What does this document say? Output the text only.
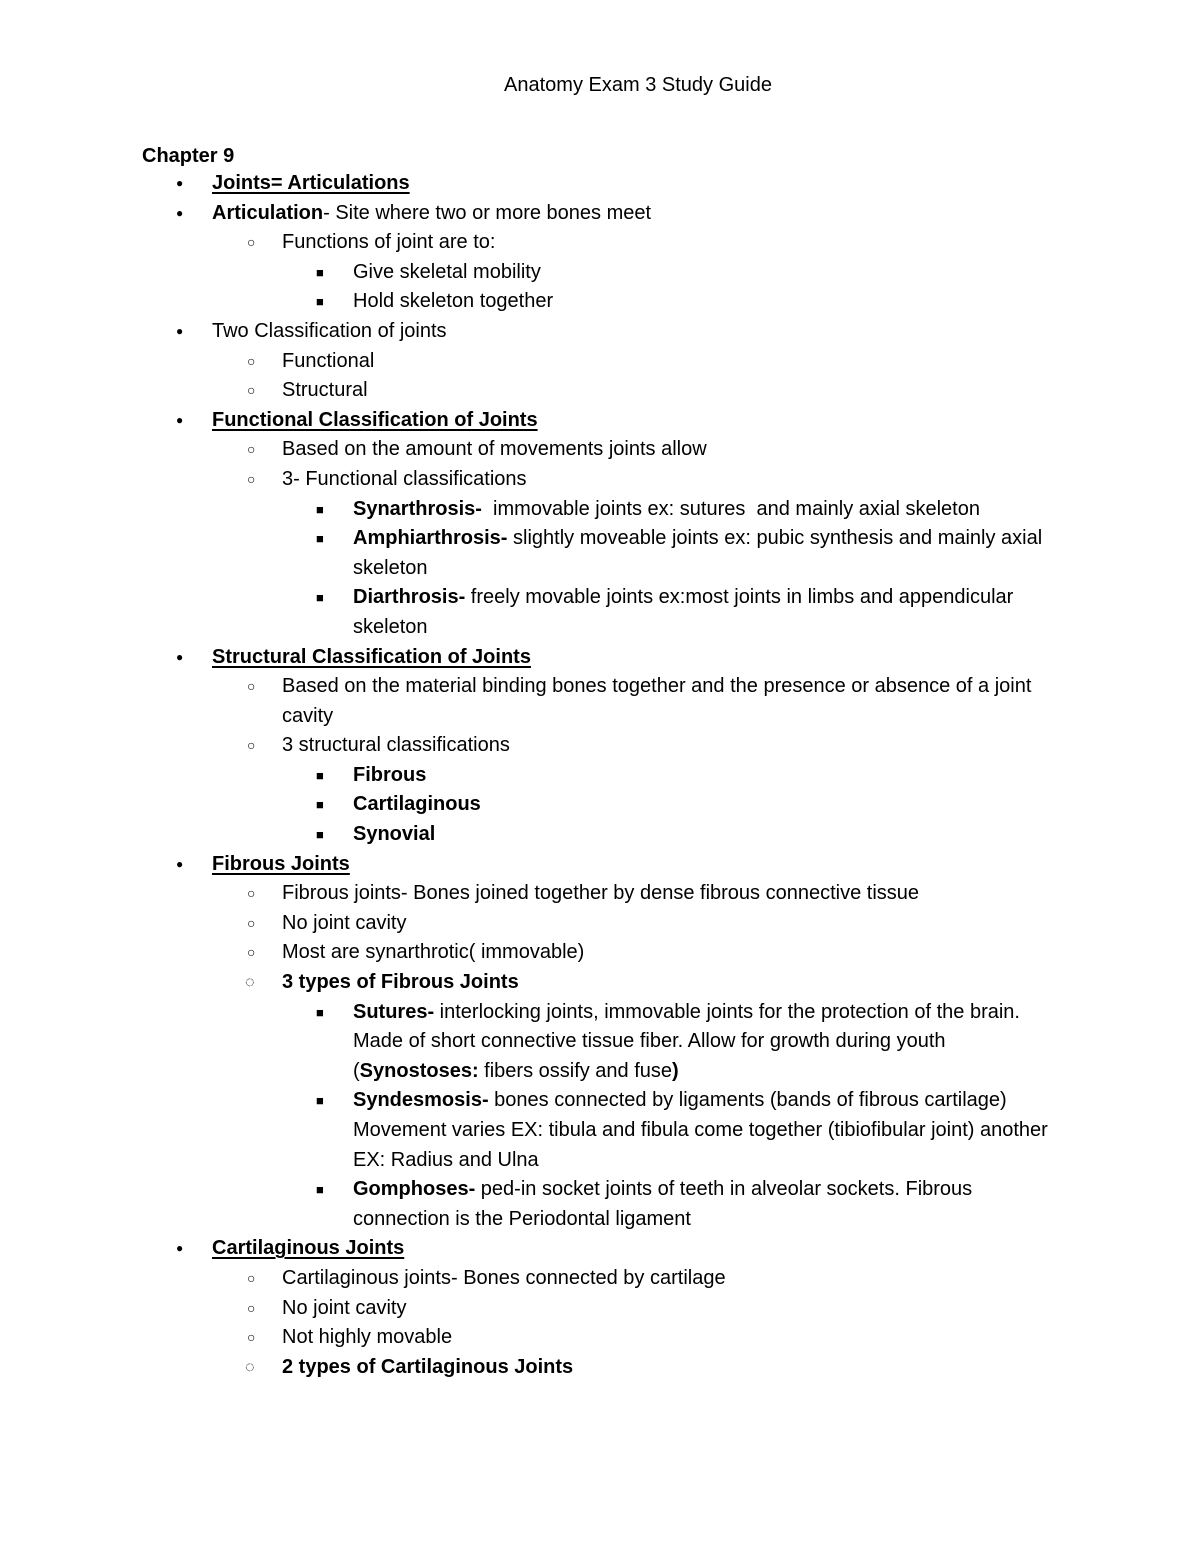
Anatomy Exam 3 Study Guide
Chapter 9
● Joints= Articulations
● Articulation- Site where two or more bones meet
○ Functions of joint are to:
■ Give skeletal mobility
■ Hold skeleton together
● Two Classification of joints
○ Functional
○ Structural
● Functional Classification of Joints
○ Based on the amount of movements joints allow
○ 3- Functional classifications
■ Synarthrosis-  immovable joints ex: sutures  and mainly axial skeleton
■ Amphiarthrosis- slightly moveable joints ex: pubic synthesis and mainly axial skeleton
■ Diarthrosis- freely movable joints ex:most joints in limbs and appendicular skeleton
● Structural Classification of Joints
○ Based on the material binding bones together and the presence or absence of a joint cavity
○ 3 structural classifications
■ Fibrous
■ Cartilaginous
■ Synovial
● Fibrous Joints
○ Fibrous joints- Bones joined together by dense fibrous connective tissue
○ No joint cavity
○ Most are synarthrotic( immovable)
◌ 3 types of Fibrous Joints
■ Sutures- interlocking joints, immovable joints for the protection of the brain. Made of short connective tissue fiber. Allow for growth during youth (Synostoses: fibers ossify and fuse)
■ Syndesmosis- bones connected by ligaments (bands of fibrous cartilage) Movement varies EX: tibula and fibula come together (tibiofibular joint) another EX: Radius and Ulna
■ Gomphoses- ped-in socket joints of teeth in alveolar sockets. Fibrous connection is the Periodontal ligament
● Cartilaginous Joints
○ Cartilaginous joints- Bones connected by cartilage
○ No joint cavity
○ Not highly movable
◌ 2 types of Cartilaginous Joints
